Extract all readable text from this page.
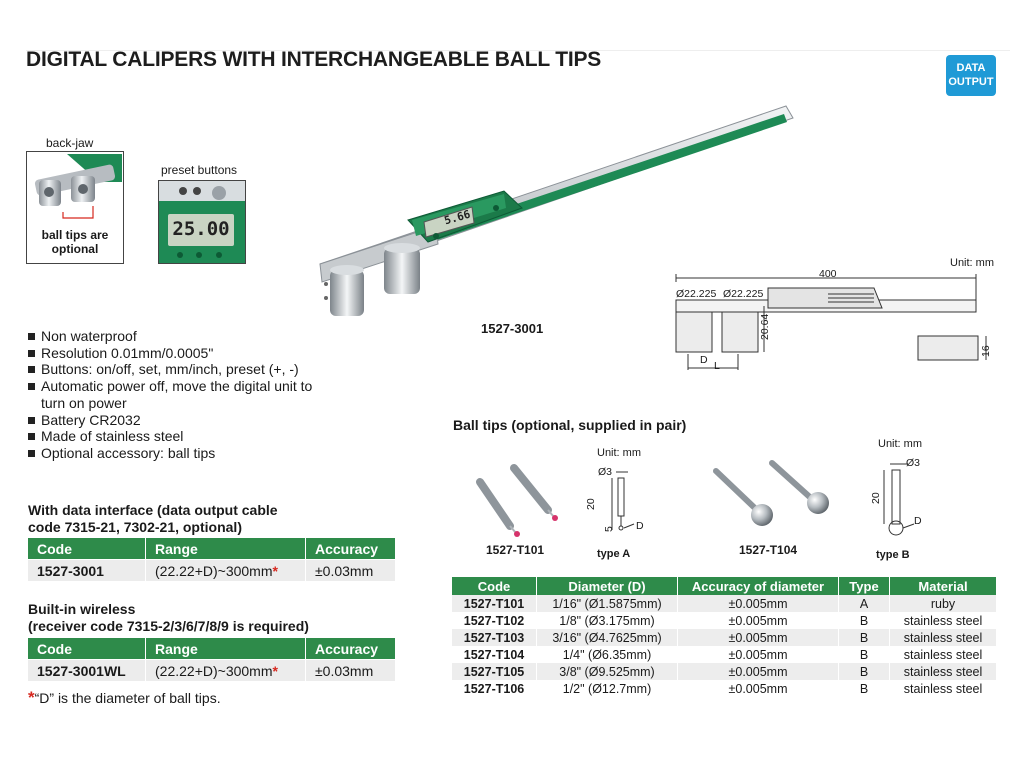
DIGITAL CALIPERS WITH INTERCHANGEABLE BALL TIPS	DATA
OUTPUT
back-jaw
ball tips are
optional
preset buttons
25.00
5.66
1527-3001
Unit: mm
400
Ø22.225 Ø22.225
20.64
16
D L
Non waterproof
Resolution 0.01mm/0.0005"
Buttons: on/off, set, mm/inch, preset (+, -)
Automatic power off, move the digital unit to turn on power
Battery CR2032
Made of stainless steel
Optional accessory: ball tips
With data interface (data output cable
code 7315-21, 7302-21, optional)
Code	Range	Accuracy
1527-3001	(22.22+D)~300mm*	±0.03mm
Built-in wireless
(receiver code 7315-2/3/6/7/8/9 is required)
Code	Range	Accuracy
1527-3001WL	(22.22+D)~300mm*	±0.03mm
*“D” is the diameter of ball tips.
Ball tips (optional, supplied in pair)
1527-T101
Unit: mm
Ø3
20
5 D
type A	1527-T104
Unit: mm
Ø3
20
D
type B
Code	Diameter (D)	Accuracy of diameter	Type	Material
1527-T101	1/16" (Ø1.5875mm)	±0.005mm	A	ruby
1527-T102	1/8" (Ø3.175mm)	±0.005mm	B	stainless steel
1527-T103	3/16" (Ø4.7625mm)	±0.005mm	B	stainless steel
1527-T104	1/4" (Ø6.35mm)	±0.005mm	B	stainless steel
1527-T105	3/8" (Ø9.525mm)	±0.005mm	B	stainless steel
1527-T106	1/2" (Ø12.7mm)	±0.005mm	B	stainless steel
